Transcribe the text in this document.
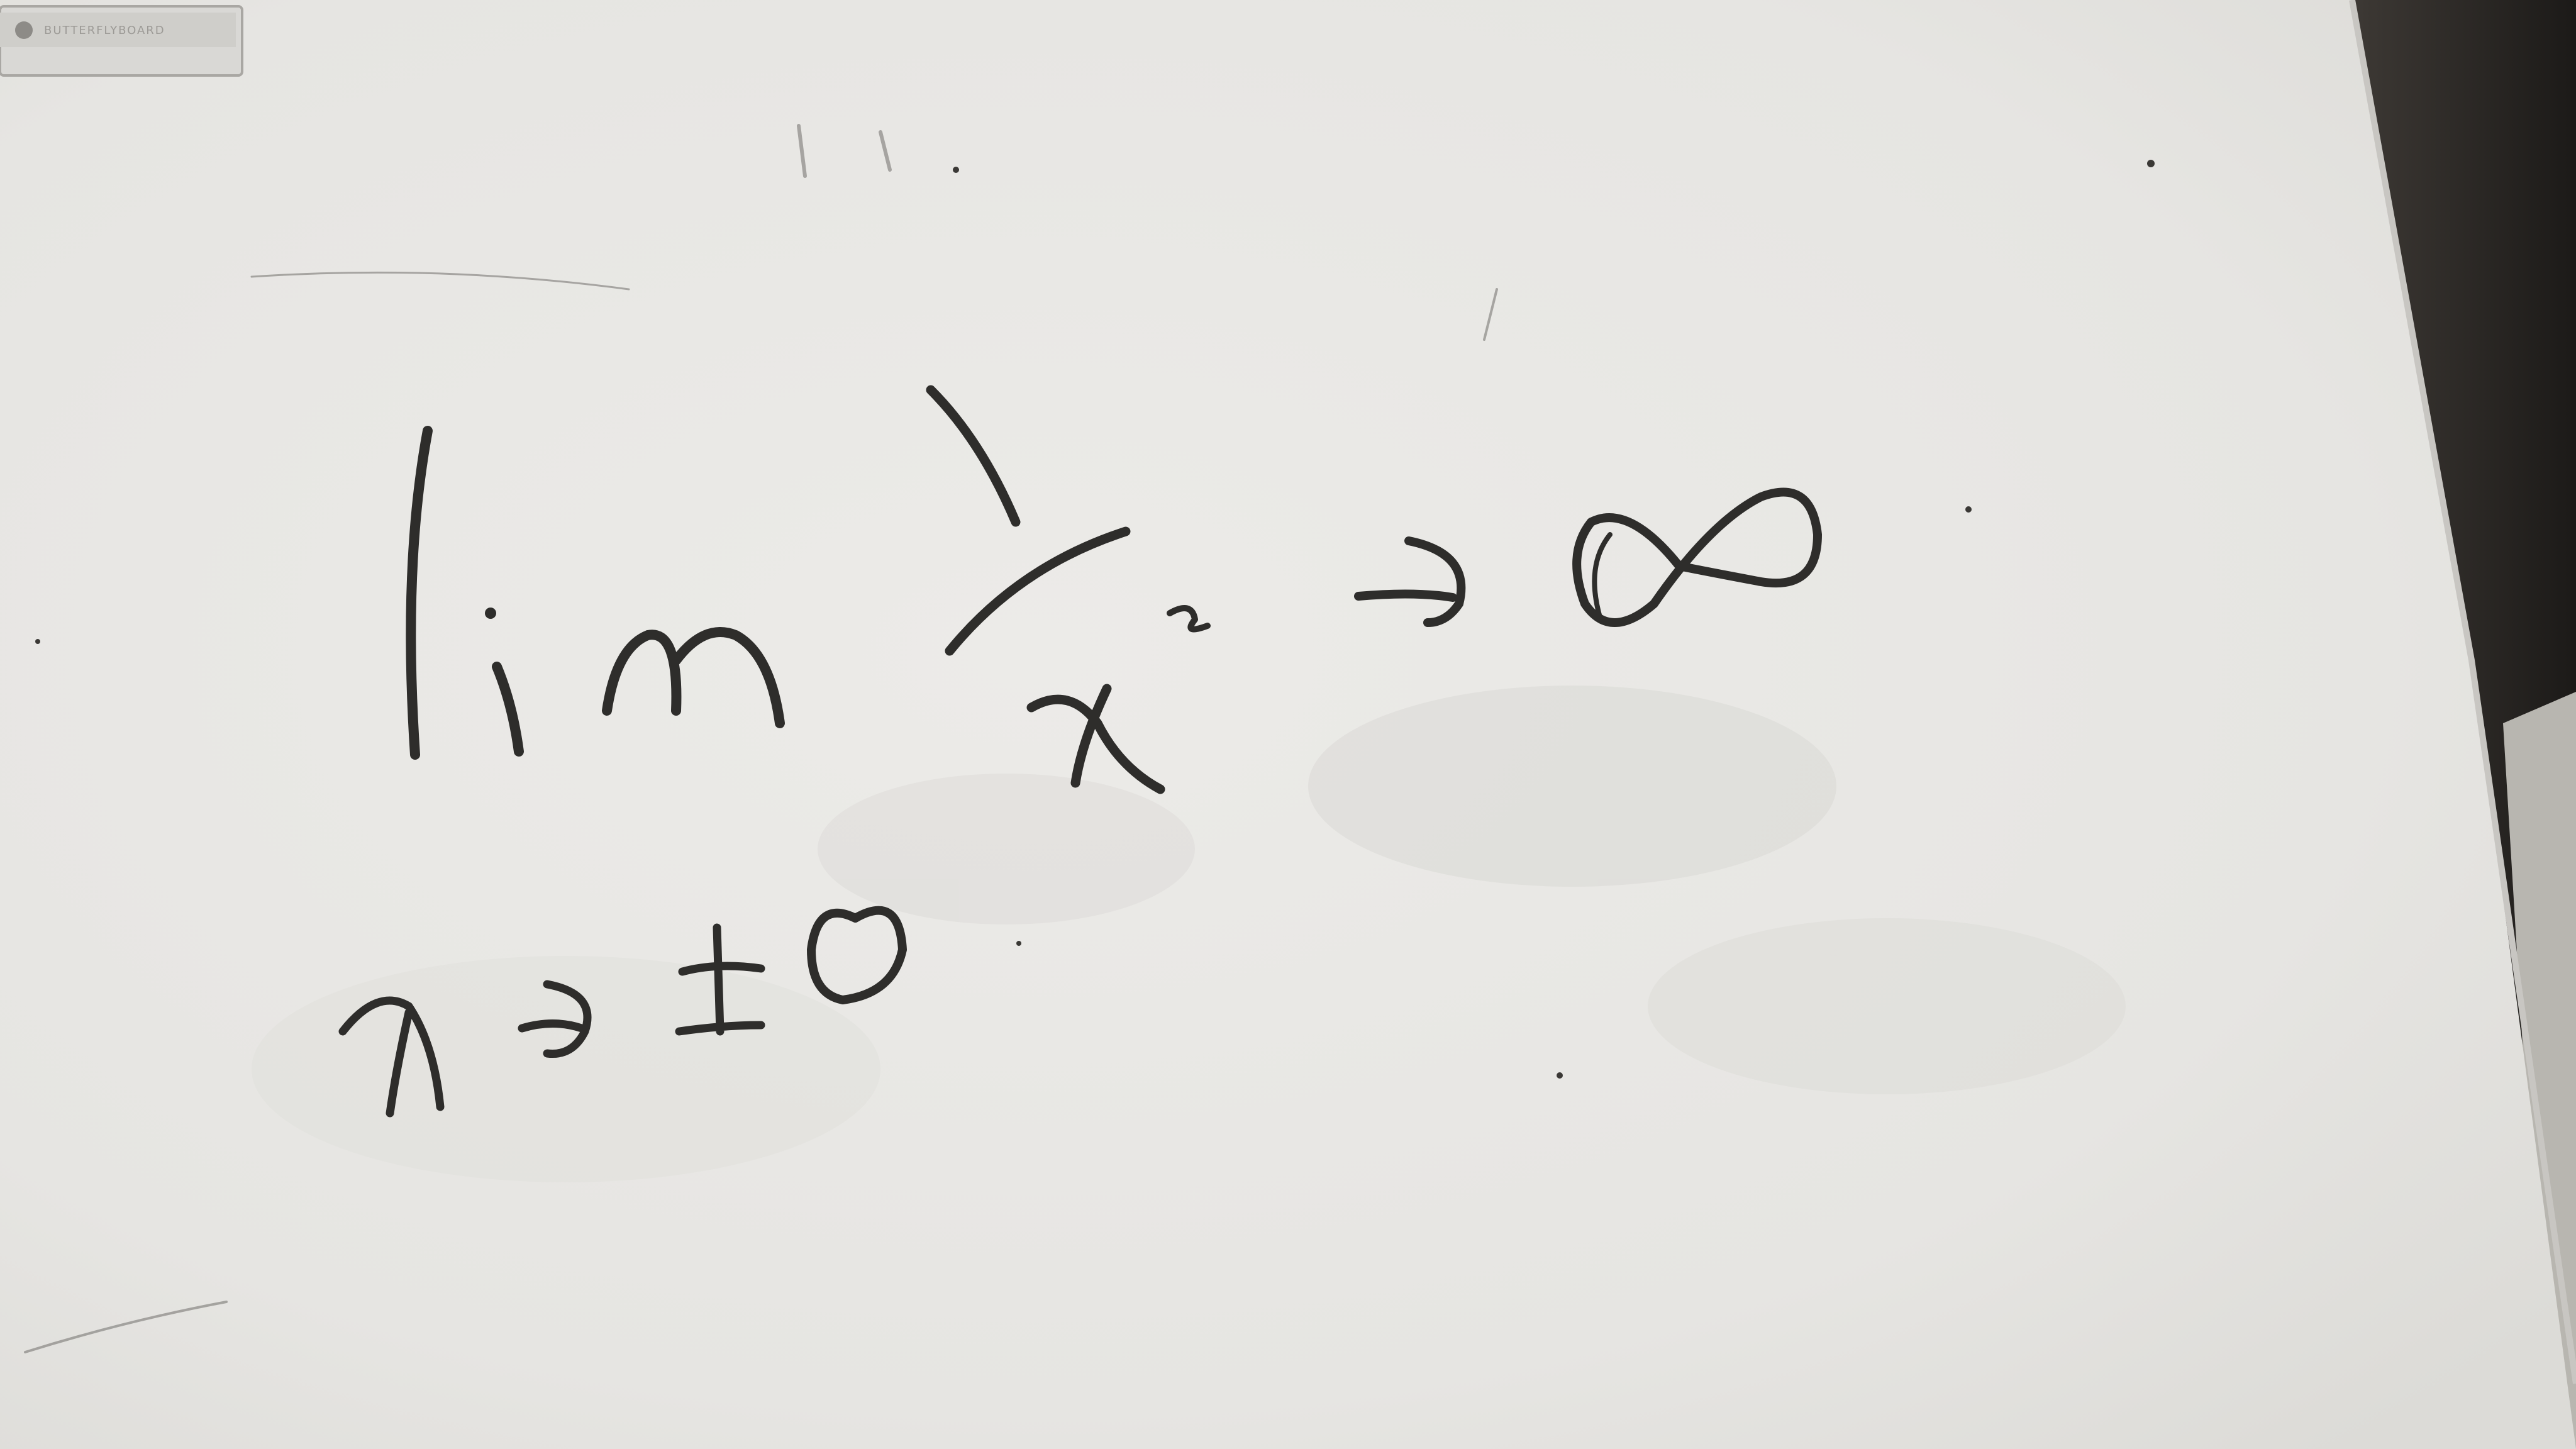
BUTTERFLYBOARD
